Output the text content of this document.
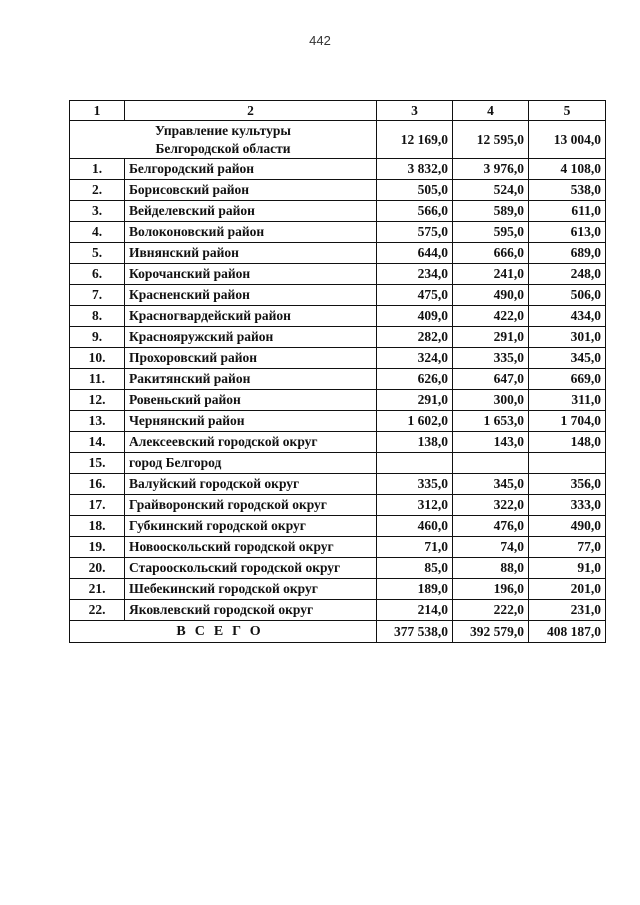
442
1	2	3	4	5

Управление культуры
Белгородской области		12 169,0	12 595,0	13 004,0
1.	Белгородский район	3 832,0	3 976,0	4 108,0
2.	Борисовский район	505,0	524,0	538,0
3.	Вейделевский район	566,0	589,0	611,0
4.	Волоконовский район	575,0	595,0	613,0
5.	Ивнянский район	644,0	666,0	689,0
6.	Корочанский район	234,0	241,0	248,0
7.	Красненский район	475,0	490,0	506,0
8.	Красногвардейский район	409,0	422,0	434,0
9.	Краснояружский район	282,0	291,0	301,0
10.	Прохоровский район	324,0	335,0	345,0
11.	Ракитянский район	626,0	647,0	669,0
12.	Ровеньский район	291,0	300,0	311,0
13.	Чернянский район	1 602,0	1 653,0	1 704,0
14.	Алексеевский городской округ	138,0	143,0	148,0
15.	город Белгород			
16.	Валуйский городской округ	335,0	345,0	356,0
17.	Грайворонский городской округ	312,0	322,0	333,0
18.	Губкинский городской округ	460,0	476,0	490,0
19.	Новооскольский городской округ	71,0	74,0	77,0
20.	Старооскольский городской округ	85,0	88,0	91,0
21.	Шебекинский городской округ	189,0	196,0	201,0
22.	Яковлевский городской округ	214,0	222,0	231,0
ВСЕГО		377 538,0	392 579,0	408 187,0
